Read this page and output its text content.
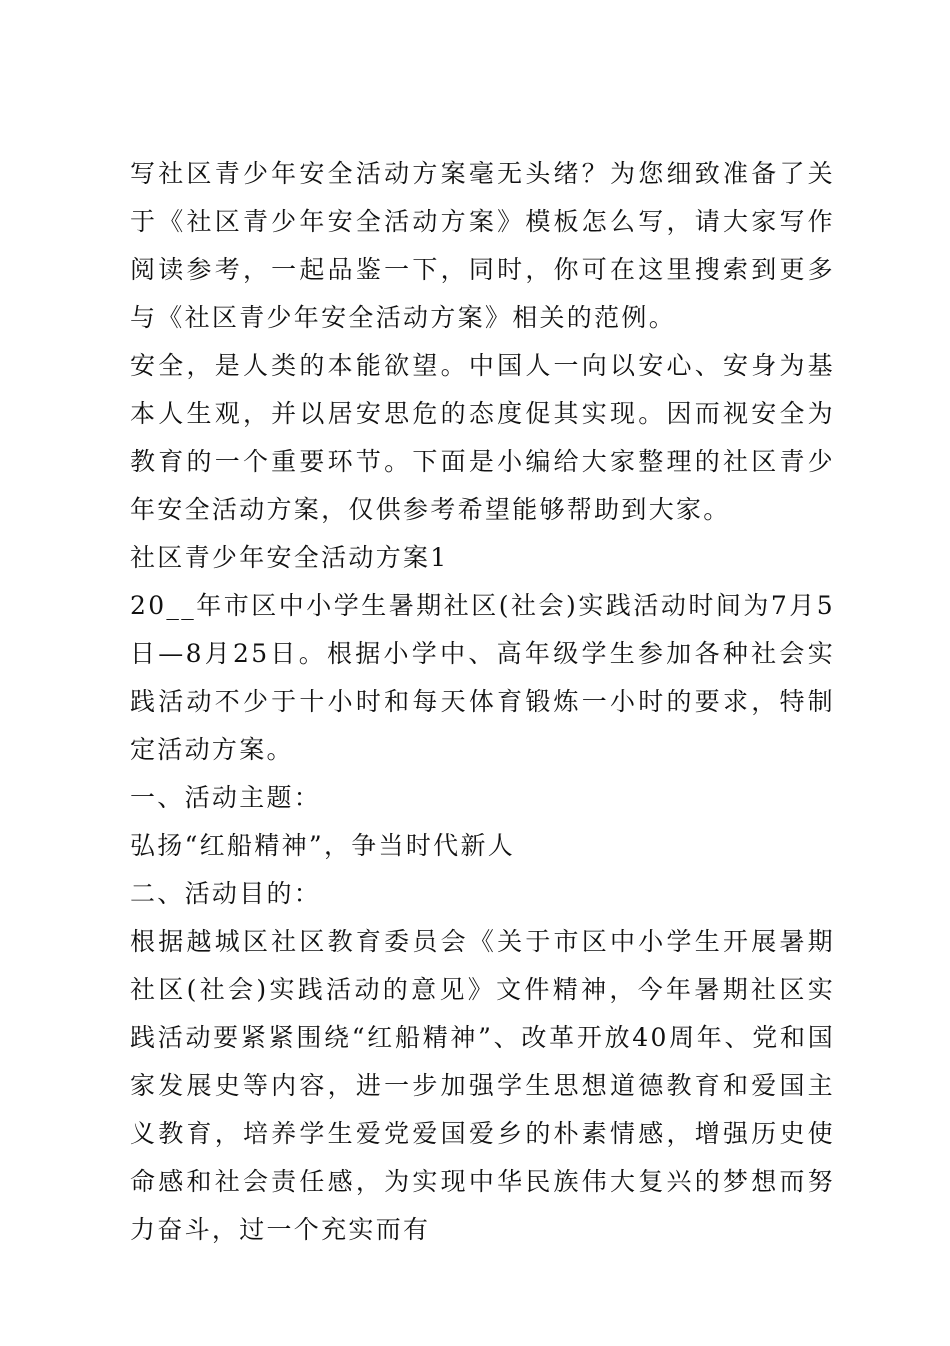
写社区青少年安全活动方案毫无头绪？为您细致准备了关于《社区青少年安全活动方案》模板怎么写，请大家写作阅读参考，一起品鉴一下，同时，你可在这里搜索到更多与《社区青少年安全活动方案》相关的范例。

安全，是人类的本能欲望。中国人一向以安心、安身为基本人生观，并以居安思危的态度促其实现。因而视安全为教育的一个重要环节。下面是小编给大家整理的社区青少年安全活动方案，仅供参考希望能够帮助到大家。

社区青少年安全活动方案1

20__年市区中小学生暑期社区(社会)实践活动时间为7月5日—8月25日。根据小学中、高年级学生参加各种社会实践活动不少于十小时和每天体育锻炼一小时的要求，特制定活动方案。

一、活动主题：

弘扬“红船精神”，争当时代新人

二、活动目的：

根据越城区社区教育委员会《关于市区中小学生开展暑期社区(社会)实践活动的意见》文件精神，今年暑期社区实践活动要紧紧围绕“红船精神”、改革开放40周年、党和国家发展史等内容，进一步加强学生思想道德教育和爱国主义教育，培养学生爱党爱国爱乡的朴素情感，增强历史使命感和社会责任感，为实现中华民族伟大复兴的梦想而努力奋斗，过一个充实而有
